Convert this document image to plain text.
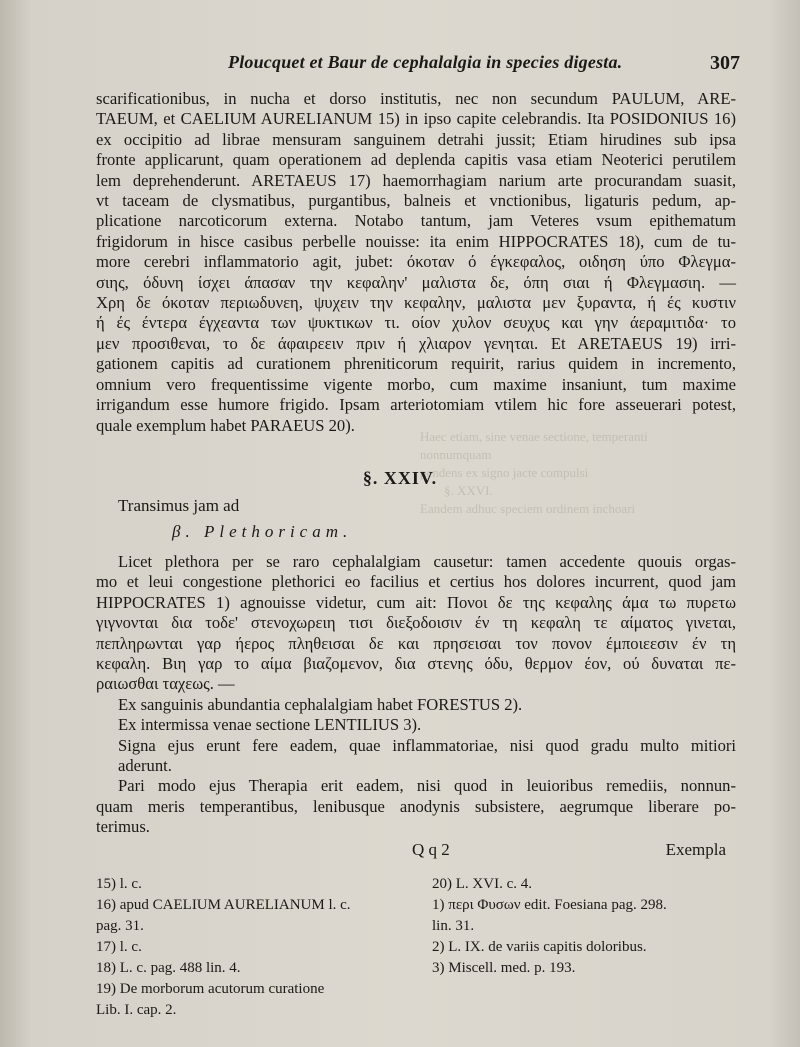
Ploucquet et Baur de cephalalgia in species digesta.	307
Haec etiam, sine venae sectione, temperanti
nonnumquam
pendens ex signo jacte compulsi
§. XXVI.
Eandem adhuc speciem ordinem inchoari
scarificationibus, in nucha et dorso institutis, nec non secundum PAULUM, ARE-
TAEUM, et CAELIUM AURELIANUM 15) in ipso capite celebrandis. Ita POSIDONIUS 16)
ex occipitio ad librae mensuram sanguinem detrahi jussit; Etiam hirudines sub ipsa
fronte applicarunt, quam operationem ad deplenda capitis vasa etiam Neoterici perutilem
lem deprehenderunt. ARETAEUS 17) haemorrhagiam narium arte procurandam suasit,
vt taceam de clysmatibus, purgantibus, balneis et vnctionibus, ligaturis pedum, ap-
plicatione narcoticorum externa. Notabo tantum, jam Veteres vsum epithematum
frigidorum in hisce casibus perbelle nouisse: ita enim HIPPOCRATES 18), cum de tu-
more cerebri inflammatorio agit, jubet: όκοταν ό έγκεφαλος, οιδηση ύπο Φλεγμα-
σιης, όδυνη ίσχει άπασαν την κεφαλην' μαλιστα δε, όπη σιαι ή Φλεγμασιη. —
Χρη δε όκοταν περιωδυνεη, ψυχειν την κεφαλην, μαλιστα μεν ξυραντα, ή ές κυστιν
ή ές έντερα έγχεαντα των ψυκτικων τι. οίον χυλον σευχυς και γην άεραμιτιδα· το
μεν προσιθεναι, το δε άφαιρεειν πριν ή χλιαρον γενηται. Et ARETAEUS 19) irri-
gationem capitis ad curationem phreniticorum requirit, rarius quidem in incremento,
omnium vero frequentissime vigente morbo, cum maxime insaniunt, tum maxime
irrigandum esse humore frigido. Ipsam arteriotomiam vtilem hic fore asseuerari potest,
quale exemplum habet PARAEUS 20).
§. XXIV.
Transimus jam ad
β. Plethoricam.
Licet plethora per se raro cephalalgiam causetur: tamen accedente quouis orgas-
mo et leui congestione plethorici eo facilius et certius hos dolores incurrent, quod jam
HIPPOCRATES 1) agnouisse videtur, cum ait: Πονοι δε της κεφαλης άμα τω πυρετω
γιγνονται δια τοδε' στενοχωρειη τισι διεξοδοισιν έν τη κεφαλη τε αίματος γινεται,
πεπληρωνται γαρ ήερος πληθεισαι δε και πρησεισαι τον πονον έμποιεεσιν έν τη
κεφαλη. Βιη γαρ το αίμα βιαζομενον, δια στενης όδυ, θερμον έον, ού δυναται πε-
ραιωσθαι ταχεως. —
Ex sanguinis abundantia cephalalgiam habet FORESTUS 2).
Ex intermissa venae sectione LENTILIUS 3).
Signa ejus erunt fere eadem, quae inflammatoriae, nisi quod gradu multo mitiori
aderunt.
Pari modo ejus Therapia erit eadem, nisi quod in leuioribus remediis, nonnun-
quam meris temperantibus, lenibusque anodynis subsistere, aegrumque liberare po-
terimus.
Q q 2	Exempla
15) l. c.
16) apud CAELIUM AURELIANUM l. c.
pag. 31.
17) l. c.
18) L. c. pag. 488 lin. 4.
19) De morborum acutorum curatione
Lib. I. cap. 2.
20) L. XVI. c. 4.
1) περι Φυσων edit. Foesiana pag. 298.
lin. 31.
2) L. IX. de variis capitis doloribus.
3) Miscell. med. p. 193.
